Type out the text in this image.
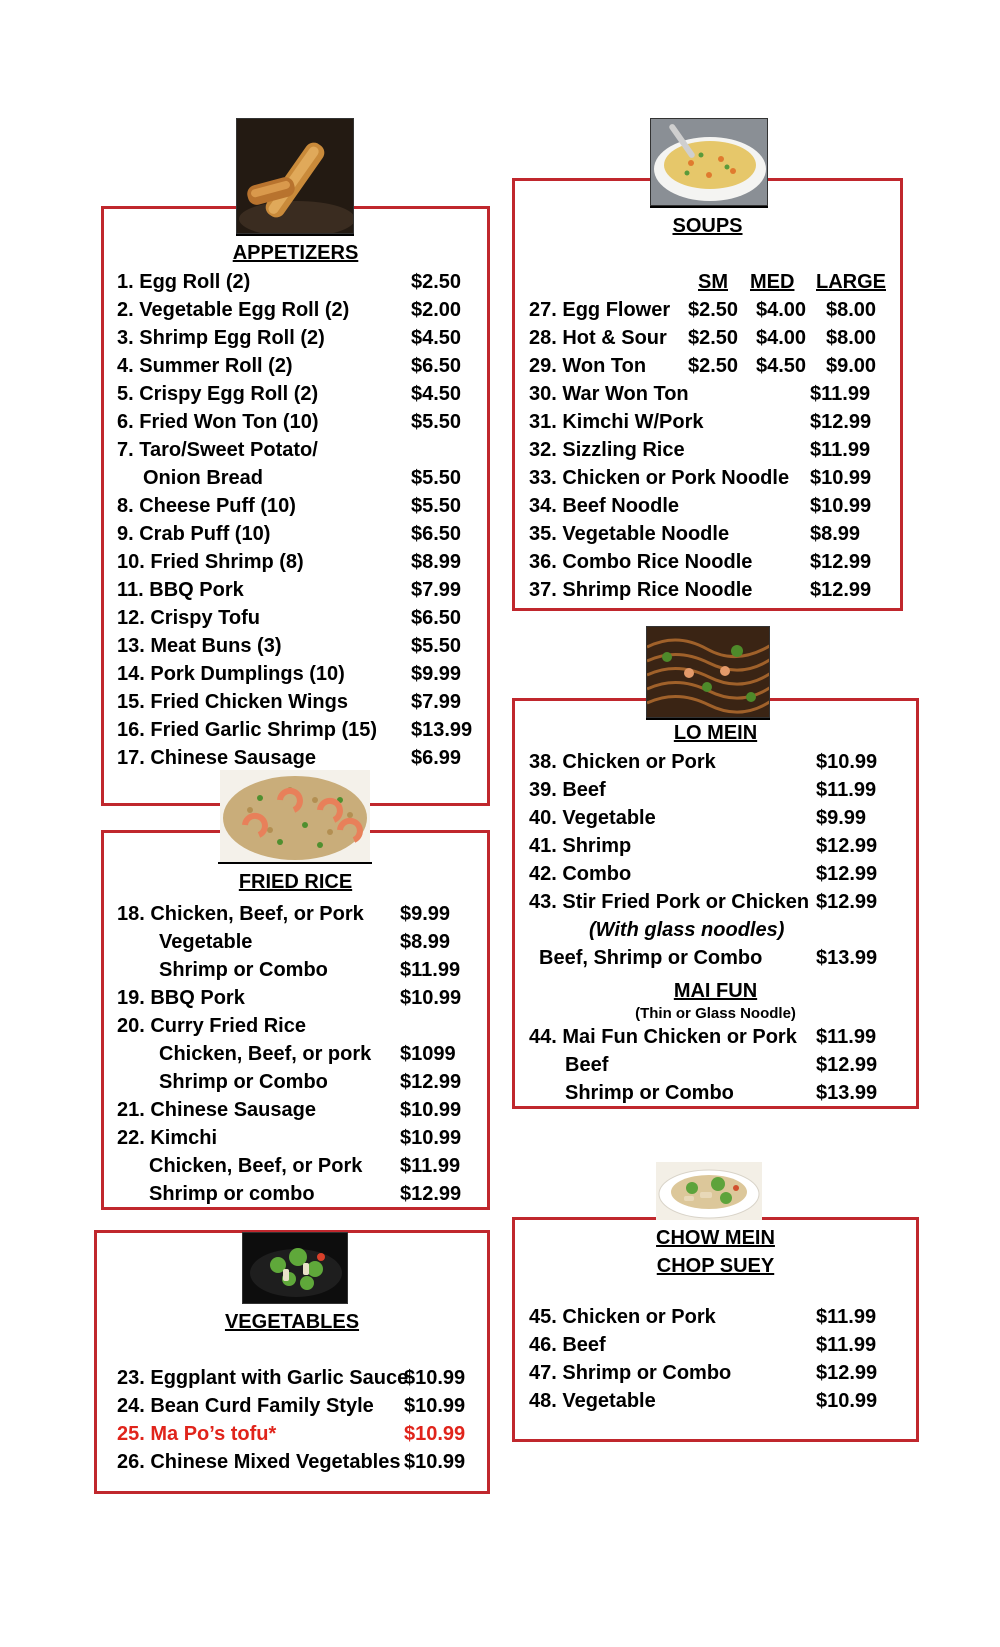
APPETIZERS
1. Egg Roll (2)	$2.50
2. Vegetable Egg Roll (2)	$2.00
3. Shrimp Egg Roll (2)	$4.50
4. Summer Roll (2)	$6.50
5. Crispy Egg Roll (2)	$4.50
6. Fried Won Ton (10)	$5.50
7. Taro/Sweet Potato/
Onion Bread	$5.50
8. Cheese Puff (10)	$5.50
9. Crab Puff (10)	$6.50
10. Fried Shrimp (8)	$8.99
11. BBQ Pork	$7.99
12. Crispy Tofu	$6.50
13. Meat Buns (3)	$5.50
14. Pork Dumplings (10)	$9.99
15. Fried Chicken Wings	$7.99
16. Fried Garlic Shrimp (15) $13.99
17. Chinese Sausage	$6.99
FRIED RICE
18. Chicken, Beef, or Pork $9.99
Vegetable	$8.99
Shrimp or Combo	$11.99
19. BBQ Pork	$10.99
20. Curry Fried Rice
Chicken, Beef, or pork $1099
Shrimp or Combo	$12.99
21. Chinese Sausage	$10.99
22. Kimchi	$10.99
Chicken, Beef, or Pork $11.99
Shrimp or combo	$12.99
VEGETABLES
23. Eggplant with Garlic Sauce
$10.99
24. Bean Curd Family Style $10.99
25. Ma Po’s tofu*	$10.99
26. Chinese Mixed Vegetables $10.99
SOUPS
SM MED LARGE
27. Egg Flower $2.50 $4.00 $8.00
28. Hot & Sour $2.50 $4.00 $8.00
29. Won Ton $2.50 $4.50 $9.00
30. War Won Ton	$11.99
31. Kimchi W/Pork	$12.99
32. Sizzling Rice	$11.99
33. Chicken or Pork Noodle $10.99
34. Beef Noodle	$10.99
35. Vegetable Noodle	$8.99
36. Combo Rice Noodle	$12.99
37. Shrimp Rice Noodle	$12.99
LO MEIN
38. Chicken or Pork	$10.99
39. Beef	$11.99
40. Vegetable	$9.99
41. Shrimp	$12.99
42. Combo	$12.99
43. Stir Fried Pork or Chicken $12.99
(With glass noodles)
Beef, Shrimp or Combo	$13.99
MAI FUN
(Thin or Glass Noodle)
44. Mai Fun Chicken or Pork $11.99
Beef	$12.99
Shrimp or Combo	$13.99
CHOW MEIN
CHOP SUEY
45. Chicken or Pork	$11.99
46. Beef	$11.99
47. Shrimp or Combo	$12.99
48. Vegetable	$10.99
